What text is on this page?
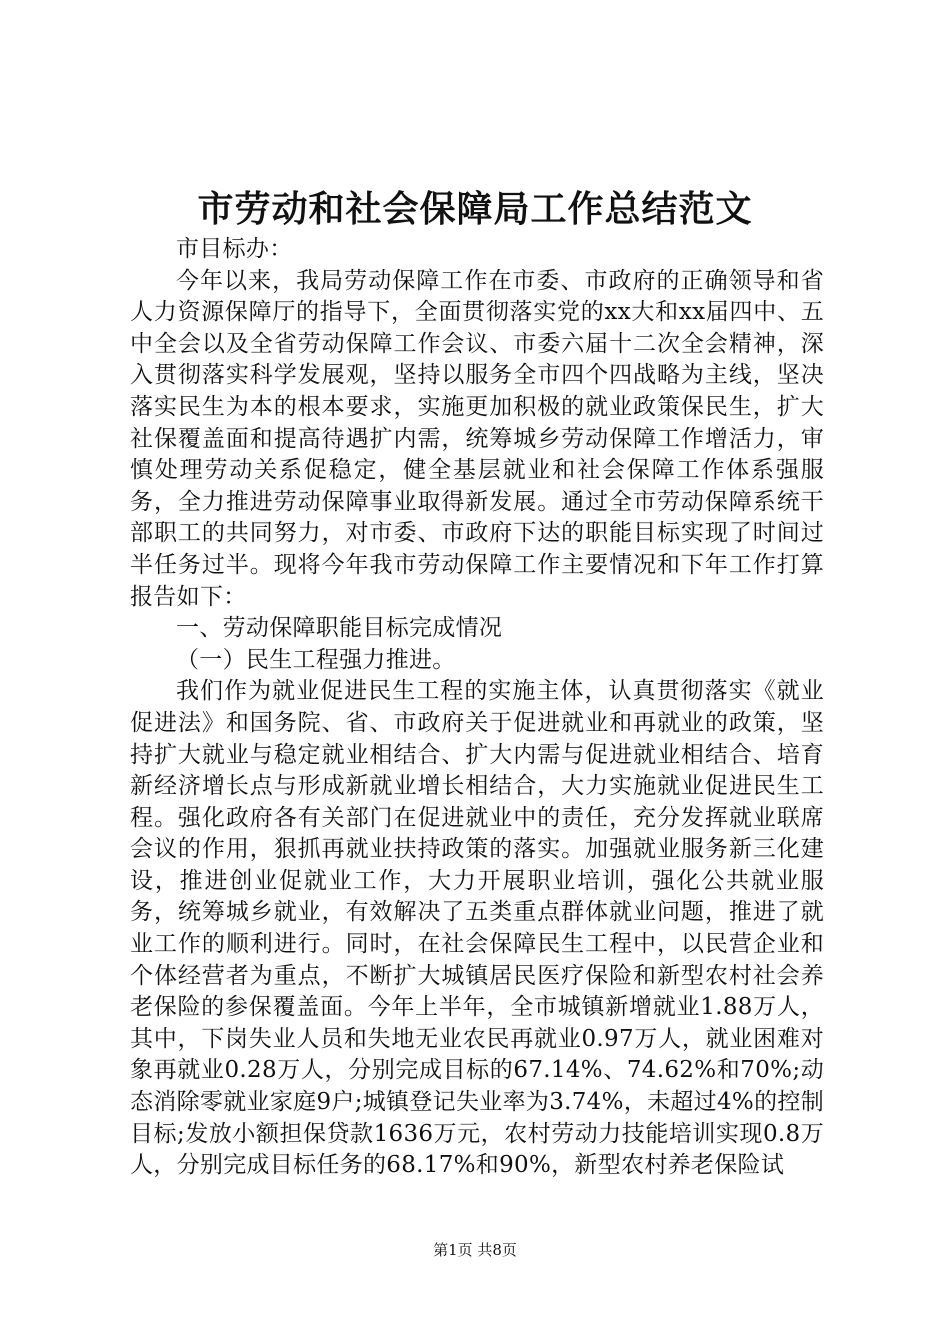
市劳动和社会保障局工作总结范文

市目标办：

今年以来，我局劳动保障工作在市委、市政府的正确领导和省人力资源保障厅的指导下，全面贯彻落实党的xx大和xx届四中、五中全会以及全省劳动保障工作会议、市委六届十二次全会精神，深入贯彻落实科学发展观，坚持以服务全市四个四战略为主线，坚决落实民生为本的根本要求，实施更加积极的就业政策保民生，扩大社保覆盖面和提高待遇扩内需，统筹城乡劳动保障工作增活力，审慎处理劳动关系促稳定，健全基层就业和社会保障工作体系强服务，全力推进劳动保障事业取得新发展。通过全市劳动保障系统干部职工的共同努力，对市委、市政府下达的职能目标实现了时间过半任务过半。现将今年我市劳动保障工作主要情况和下年工作打算报告如下：

一、劳动保障职能目标完成情况

（一）民生工程强力推进。

我们作为就业促进民生工程的实施主体，认真贯彻落实《就业促进法》和国务院、省、市政府关于促进就业和再就业的政策，坚持扩大就业与稳定就业相结合、扩大内需与促进就业相结合、培育新经济增长点与形成新就业增长相结合，大力实施就业促进民生工程。强化政府各有关部门在促进就业中的责任，充分发挥就业联席会议的作用，狠抓再就业扶持政策的落实。加强就业服务新三化建设，推进创业促就业工作，大力开展职业培训，强化公共就业服务，统筹城乡就业，有效解决了五类重点群体就业问题，推进了就业工作的顺利进行。同时，在社会保障民生工程中，以民营企业和个体经营者为重点，不断扩大城镇居民医疗保险和新型农村社会养老保险的参保覆盖面。今年上半年，全市城镇新增就业1.88万人，其中，下岗失业人员和失地无业农民再就业0.97万人，就业困难对象再就业0.28万人，分别完成目标的67.14%、74.62%和70%;动态消除零就业家庭9户;城镇登记失业率为3.74%，未超过4%的控制目标;发放小额担保贷款1636万元，农村劳动力技能培训实现0.8万人，分别完成目标任务的68.17%和90%，新型农村养老保险试

第1页 共8页
